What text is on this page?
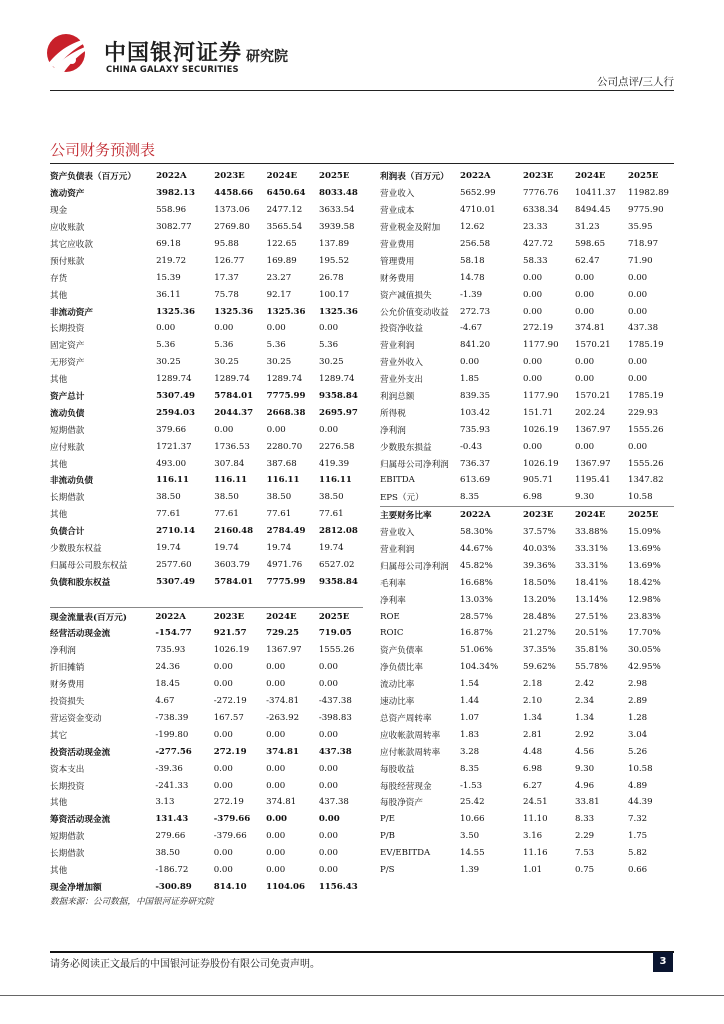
中国银河证券
CHINA GALAXY SECURITIES
研究院
公司点评/三人行
公司财务预测表
资产负债表（百万元）	2022A	2023E	2024E	2025E
流动资产	3982.13	4458.66	6450.64	8033.48
现金	558.96	1373.06	2477.12	3633.54
应收账款	3082.77	2769.80	3565.54	3939.58
其它应收款	69.18	95.88	122.65	137.89
预付账款	219.72	126.77	169.89	195.52
存货	15.39	17.37	23.27	26.78
其他	36.11	75.78	92.17	100.17
非流动资产	1325.36	1325.36	1325.36	1325.36
长期投资	0.00	0.00	0.00	0.00
固定资产	5.36	5.36	5.36	5.36
无形资产	30.25	30.25	30.25	30.25
其他	1289.74	1289.74	1289.74	1289.74
资产总计	5307.49	5784.01	7775.99	9358.84
流动负债	2594.03	2044.37	2668.38	2695.97
短期借款	379.66	0.00	0.00	0.00
应付账款	1721.37	1736.53	2280.70	2276.58
其他	493.00	307.84	387.68	419.39
非流动负债	116.11	116.11	116.11	116.11
长期借款	38.50	38.50	38.50	38.50
其他	77.61	77.61	77.61	77.61
负债合计	2710.14	2160.48	2784.49	2812.08
少数股东权益	19.74	19.74	19.74	19.74
归属母公司股东权益	2577.60	3603.79	4971.76	6527.02
负债和股东权益	5307.49	5784.01	7775.99	9358.84

现金流量表(百万元)	2022A	2023E	2024E	2025E
经营活动现金流	-154.77	921.57	729.25	719.05
净利润	735.93	1026.19	1367.97	1555.26
折旧摊销	24.36	0.00	0.00	0.00
财务费用	18.45	0.00	0.00	0.00
投资损失	4.67	-272.19	-374.81	-437.38
营运资金变动	-738.39	167.57	-263.92	-398.83
其它	-199.80	0.00	0.00	0.00
投资活动现金流	-277.56	272.19	374.81	437.38
资本支出	-39.36	0.00	0.00	0.00
长期投资	-241.33	0.00	0.00	0.00
其他	3.13	272.19	374.81	437.38
筹资活动现金流	131.43	-379.66	0.00	0.00
短期借款	279.66	-379.66	0.00	0.00
长期借款	38.50	0.00	0.00	0.00
其他	-186.72	0.00	0.00	0.00
现金净增加额	-300.89	814.10	1104.06	1156.43
利润表（百万元）	2022A	2023E	2024E	2025E
营业收入	5652.99	7776.76	10411.37	11982.89
营业成本	4710.01	6338.34	8494.45	9775.90
营业税金及附加	12.62	23.33	31.23	35.95
营业费用	256.58	427.72	598.65	718.97
管理费用	58.18	58.33	62.47	71.90
财务费用	14.78	0.00	0.00	0.00
资产减值损失	-1.39	0.00	0.00	0.00
公允价值变动收益	272.73	0.00	0.00	0.00
投资净收益	-4.67	272.19	374.81	437.38
营业利润	841.20	1177.90	1570.21	1785.19
营业外收入	0.00	0.00	0.00	0.00
营业外支出	1.85	0.00	0.00	0.00
利润总额	839.35	1177.90	1570.21	1785.19
所得税	103.42	151.71	202.24	229.93
净利润	735.93	1026.19	1367.97	1555.26
少数股东损益	-0.43	0.00	0.00	0.00
归属母公司净利润	736.37	1026.19	1367.97	1555.26
EBITDA	613.69	905.71	1195.41	1347.82
EPS（元）	8.35	6.98	9.30	10.58
主要财务比率	2022A	2023E	2024E	2025E
营业收入	58.30%	37.57%	33.88%	15.09%
营业利润	44.67%	40.03%	33.31%	13.69%
归属母公司净利润	45.82%	39.36%	33.31%	13.69%
毛利率	16.68%	18.50%	18.41%	18.42%
净利率	13.03%	13.20%	13.14%	12.98%
ROE	28.57%	28.48%	27.51%	23.83%
ROIC	16.87%	21.27%	20.51%	17.70%
资产负债率	51.06%	37.35%	35.81%	30.05%
净负债比率	104.34%	59.62%	55.78%	42.95%
流动比率	1.54	2.18	2.42	2.98
速动比率	1.44	2.10	2.34	2.89
总资产周转率	1.07	1.34	1.34	1.28
应收帐款周转率	1.83	2.81	2.92	3.04
应付帐款周转率	3.28	4.48	4.56	5.26
每股收益	8.35	6.98	9.30	10.58
每股经营现金	-1.53	6.27	4.96	4.89
每股净资产	25.42	24.51	33.81	44.39
P/E	10.66	11.10	8.33	7.32
P/B	3.50	3.16	2.29	1.75
EV/EBITDA	14.55	11.16	7.53	5.82
P/S	1.39	1.01	0.75	0.66
数据来源：公司数据，中国银河证券研究院
请务必阅读正文最后的中国银河证券股份有限公司免责声明。	3
